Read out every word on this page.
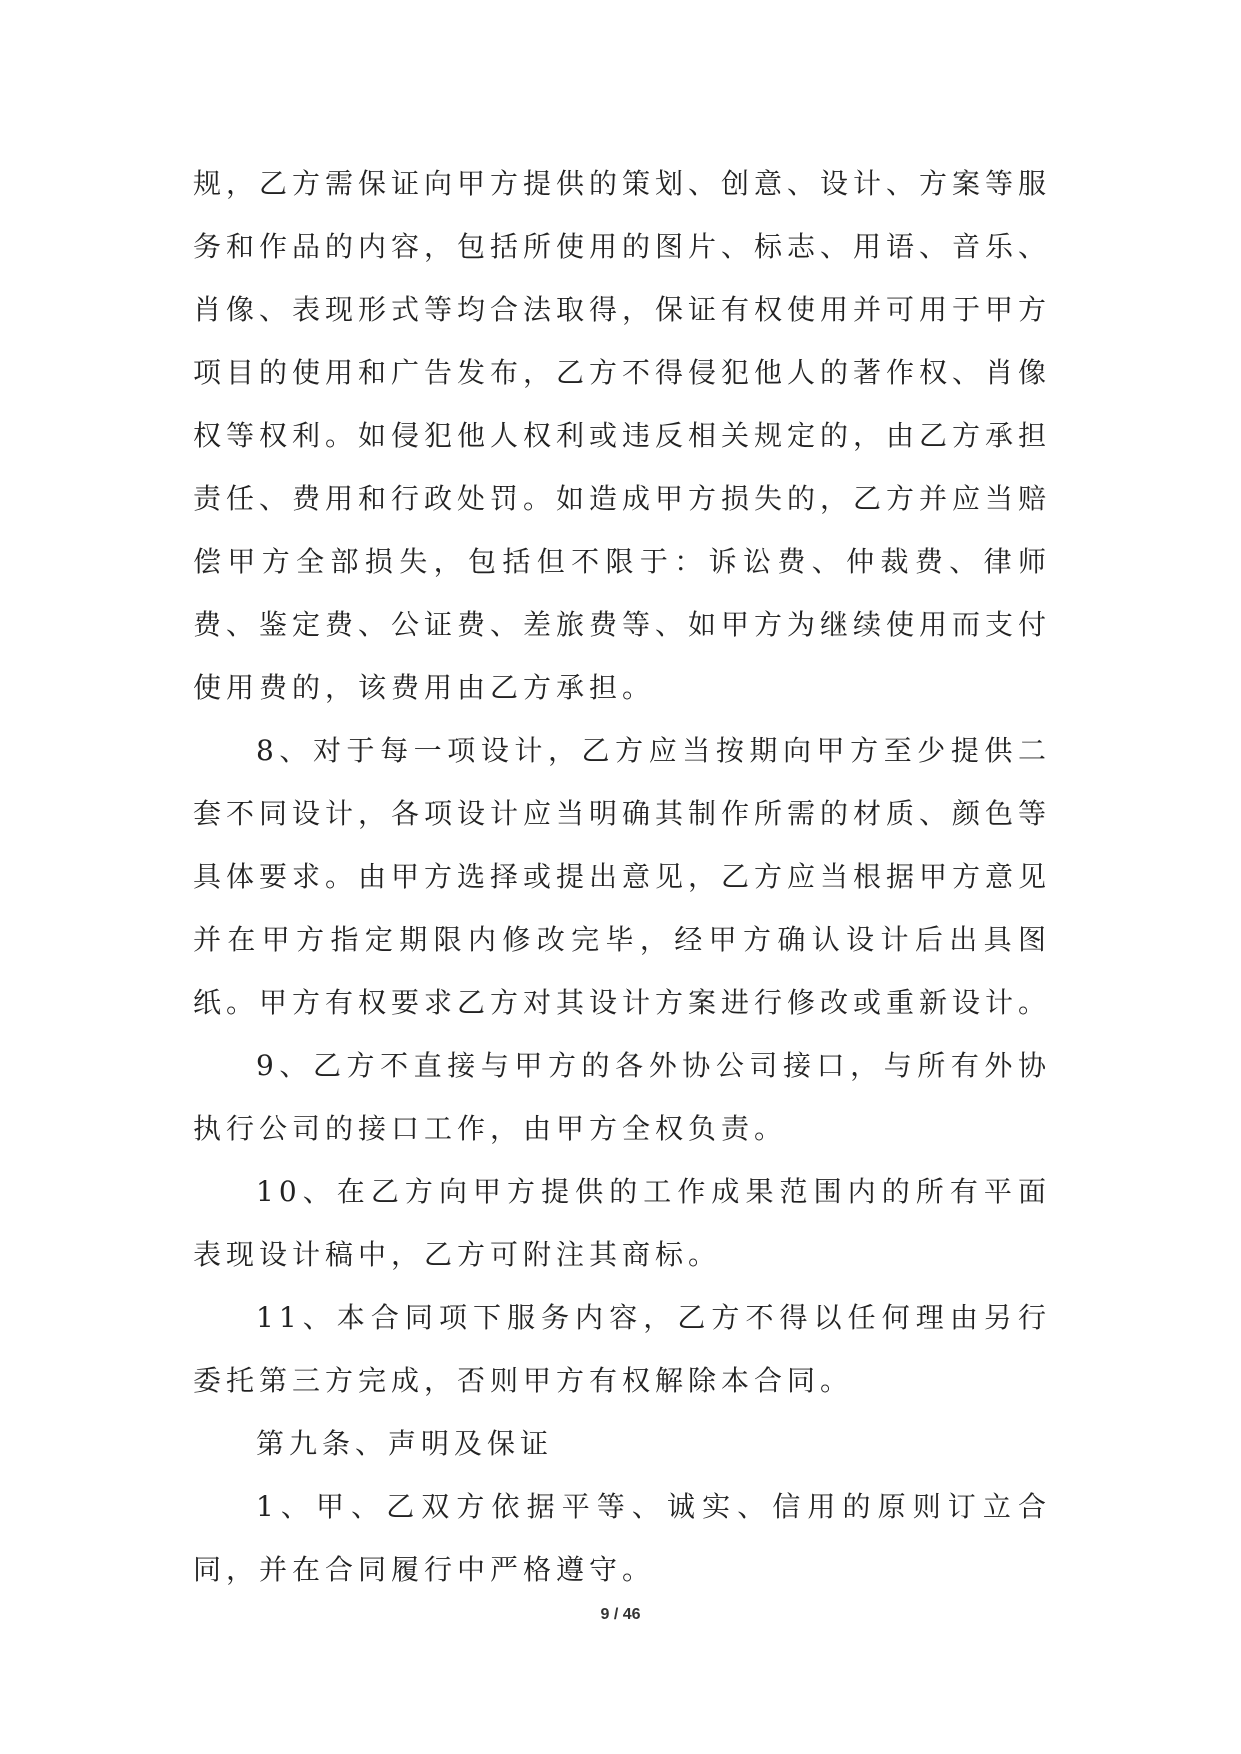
规，乙方需保证向甲方提供的策划、创意、设计、方案等服务和作品的内容，包括所使用的图片、标志、用语、音乐、肖像、表现形式等均合法取得，保证有权使用并可用于甲方项目的使用和广告发布，乙方不得侵犯他人的著作权、肖像权等权利。如侵犯他人权利或违反相关规定的，由乙方承担责任、费用和行政处罚。如造成甲方损失的，乙方并应当赔偿甲方全部损失，包括但不限于：诉讼费、仲裁费、律师费、鉴定费、公证费、差旅费等、如甲方为继续使用而支付使用费的，该费用由乙方承担。

8、对于每一项设计，乙方应当按期向甲方至少提供二套不同设计，各项设计应当明确其制作所需的材质、颜色等具体要求。由甲方选择或提出意见，乙方应当根据甲方意见并在甲方指定期限内修改完毕，经甲方确认设计后出具图纸。甲方有权要求乙方对其设计方案进行修改或重新设计。

9、乙方不直接与甲方的各外协公司接口，与所有外协执行公司的接口工作，由甲方全权负责。

10、在乙方向甲方提供的工作成果范围内的所有平面表现设计稿中，乙方可附注其商标。

11、本合同项下服务内容，乙方不得以任何理由另行委托第三方完成，否则甲方有权解除本合同。

第九条、声明及保证

1、甲、乙双方依据平等、诚实、信用的原则订立合同，并在合同履行中严格遵守。

9 / 46
